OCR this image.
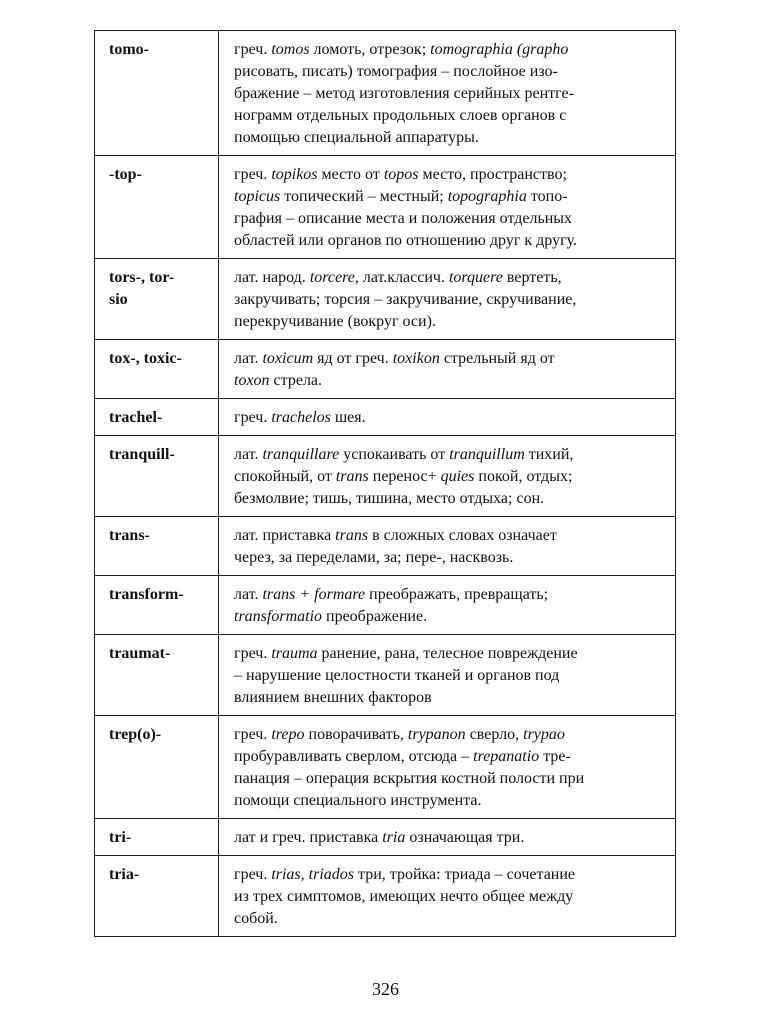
tomo-	греч. tomos ломоть, отрезок; tomographia (grapho
рисовать, писать) томография – послойное изо-
бражение – метод изготовления серийных рентге-
нограмм отдельных продольных слоев органов с
помощью специальной аппаратуры.
-top-	греч. topikos место от topos место, пространство;
topicus топический – местный; topographia топо-
графия – описание места и положения отдельных
областей или органов по отношению друг к другу.
tors-, tor-
sio	лат. народ. torcere, лат.классич. torquere вертеть,
закручивать; торсия – закручивание, скручивание,
перекручивание (вокруг оси).
tox-, toxic-	лат. toxicum яд от греч. toxikon стрельный яд от
toxon стрела.
trachel-	греч. trachelos шея.
tranquill-	лат. tranquillare успокаивать от tranquillum тихий,
спокойный, от trans перенос+ quies покой, отдых;
безмолвие; тишь, тишина, место отдыха; сон.
trans-	лат. приставка trans в сложных словах означает
через, за переделами, за; пере-, насквозь.
transform-	лат. trans + formare преображать, превращать;
transformatio преображение.
traumat-	греч. trauma ранение, рана, телесное повреждение
– нарушение целостности тканей и органов под
влиянием внешних факторов
trep(o)-	греч. trepo поворачивать, trypanon сверло, trypao
пробуравливать сверлом, отсюда – trepanatio тре-
панация – операция вскрытия костной полости при
помощи специального инструмента.
tri-	лат и греч. приставка tria означающая три.
tria-	греч. trias, triados три, тройка: триада – сочетание
из трех симптомов, имеющих нечто общее между
собой.
326
